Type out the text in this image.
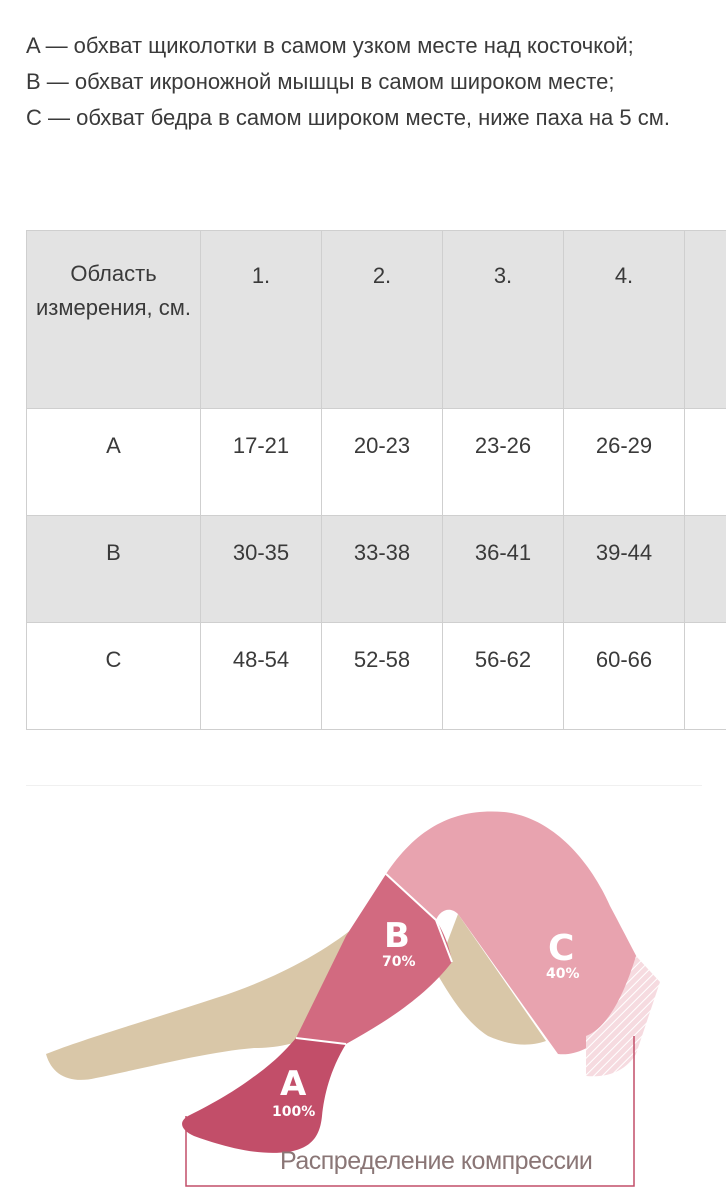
A — обхват щиколотки в самом узком месте над косточкой;

B — обхват икроножной мышцы в самом широком месте;

C — обхват бедра в самом широком месте, ниже паха на 5 см.

Область измерения, см.	1.	2.	3.	4.	
A	17-21	20-23	23-26	26-29	
B	30-35	33-38	36-41	39-44	
C	48-54	52-58	56-62	60-66	
B
70%	C
40%
A
100%
Распределение компрессии
